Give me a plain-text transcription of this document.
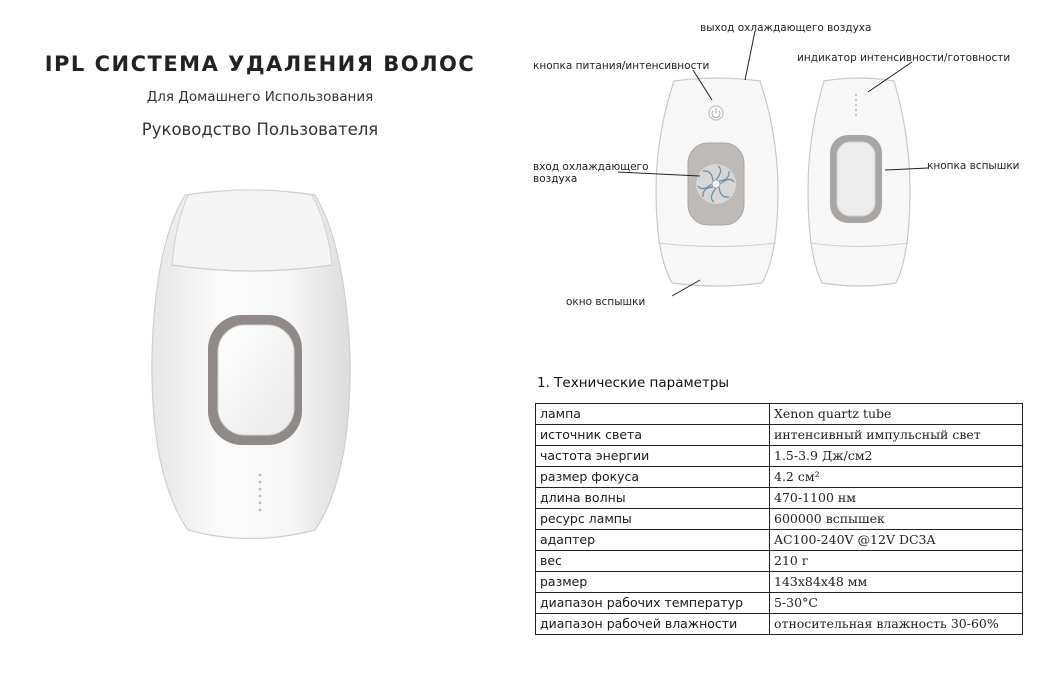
IPL СИСТЕМА УДАЛЕНИЯ ВОЛОС
Для Домашнего Использования
Руководство Пользователя
выход охлаждающего воздуха
кнопка питания/интенсивности
индикатор интенсивности/готовности
вход охлаждающего
воздуха
кнопка вспышки
окно вспышки
1. Технические параметры
лампа	Xenon quartz tube
источник света	интенсивный импульсный свет
частота энергии	1.5-3.9 Дж/см2
размер фокуса	4.2 см²
длина волны	470-1100 нм
ресурс лампы	600000 вспышек
адаптер	AC100-240V @12V DC3A
вес	210 г
размер	143x84x48 мм
диапазон рабочих температур	5-30°C
диапазон рабочей влажности	относительная влажность 30-60%
